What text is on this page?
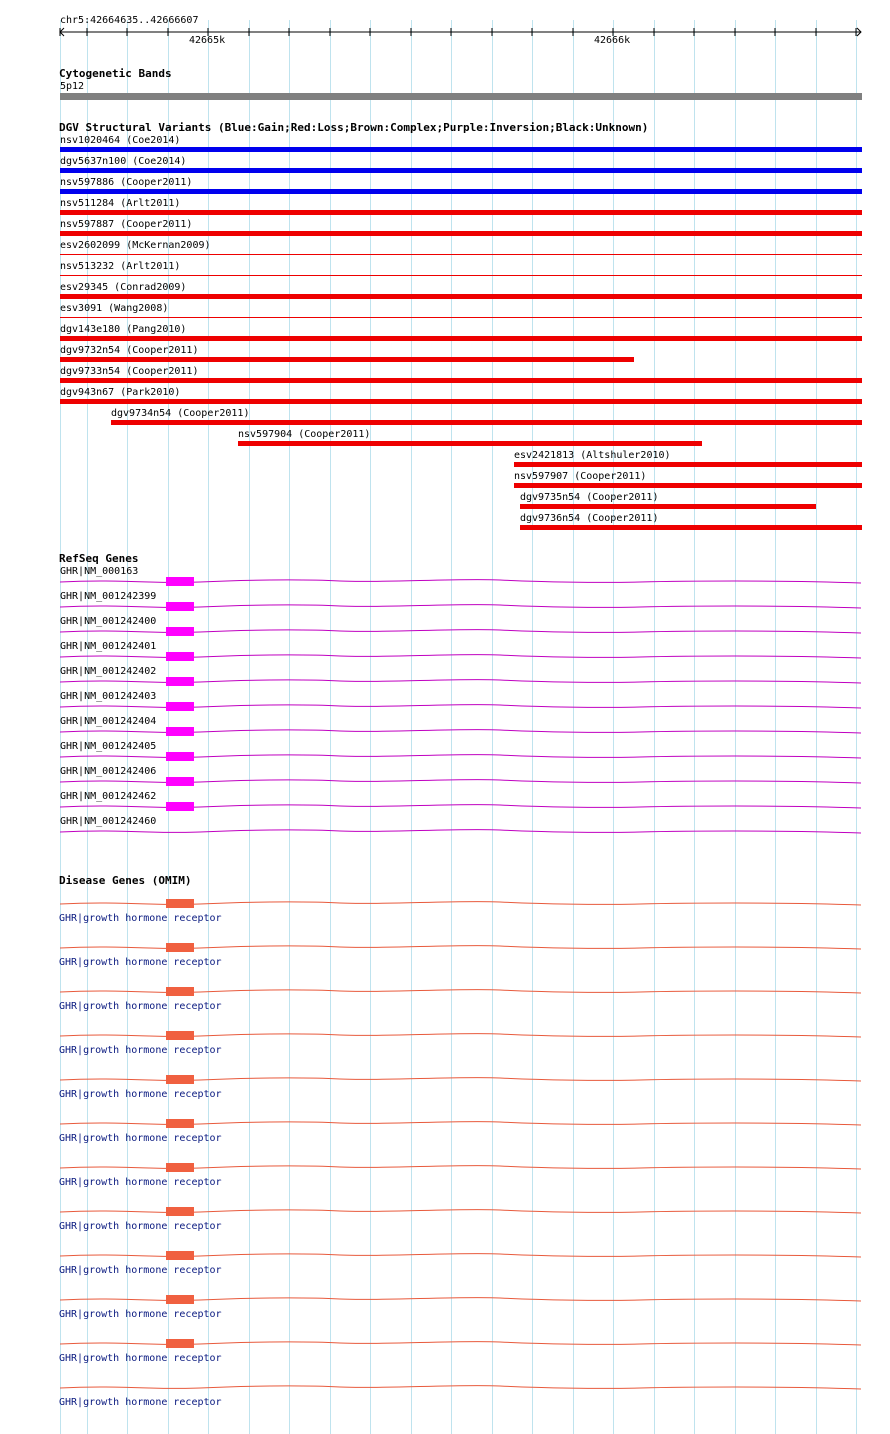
chr5:42664635..42666607
42665k	42666k
Cytogenetic Bands
5p12
DGV Structural Variants (Blue:Gain;Red:Loss;Brown:Complex;Purple:Inversion;Black:Unknown)
nsv1020464 (Coe2014)
dgv5637n100 (Coe2014)
nsv597886 (Cooper2011)
nsv511284 (Arlt2011)
nsv597887 (Cooper2011)
esv2602099 (McKernan2009)
nsv513232 (Arlt2011)
esv29345 (Conrad2009)
esv3091 (Wang2008)
dgv143e180 (Pang2010)
dgv9732n54 (Cooper2011)
dgv9733n54 (Cooper2011)
dgv943n67 (Park2010)
dgv9734n54 (Cooper2011)
nsv597904 (Cooper2011)
esv2421813 (Altshuler2010)
nsv597907 (Cooper2011)
dgv9735n54 (Cooper2011)
dgv9736n54 (Cooper2011)
RefSeq Genes
GHR|NM_000163
GHR|NM_001242399
GHR|NM_001242400
GHR|NM_001242401
GHR|NM_001242402
GHR|NM_001242403
GHR|NM_001242404
GHR|NM_001242405
GHR|NM_001242406
GHR|NM_001242462
GHR|NM_001242460
Disease Genes (OMIM)
GHR|growth hormone receptor
GHR|growth hormone receptor
GHR|growth hormone receptor
GHR|growth hormone receptor
GHR|growth hormone receptor
GHR|growth hormone receptor
GHR|growth hormone receptor
GHR|growth hormone receptor
GHR|growth hormone receptor
GHR|growth hormone receptor
GHR|growth hormone receptor
GHR|growth hormone receptor
